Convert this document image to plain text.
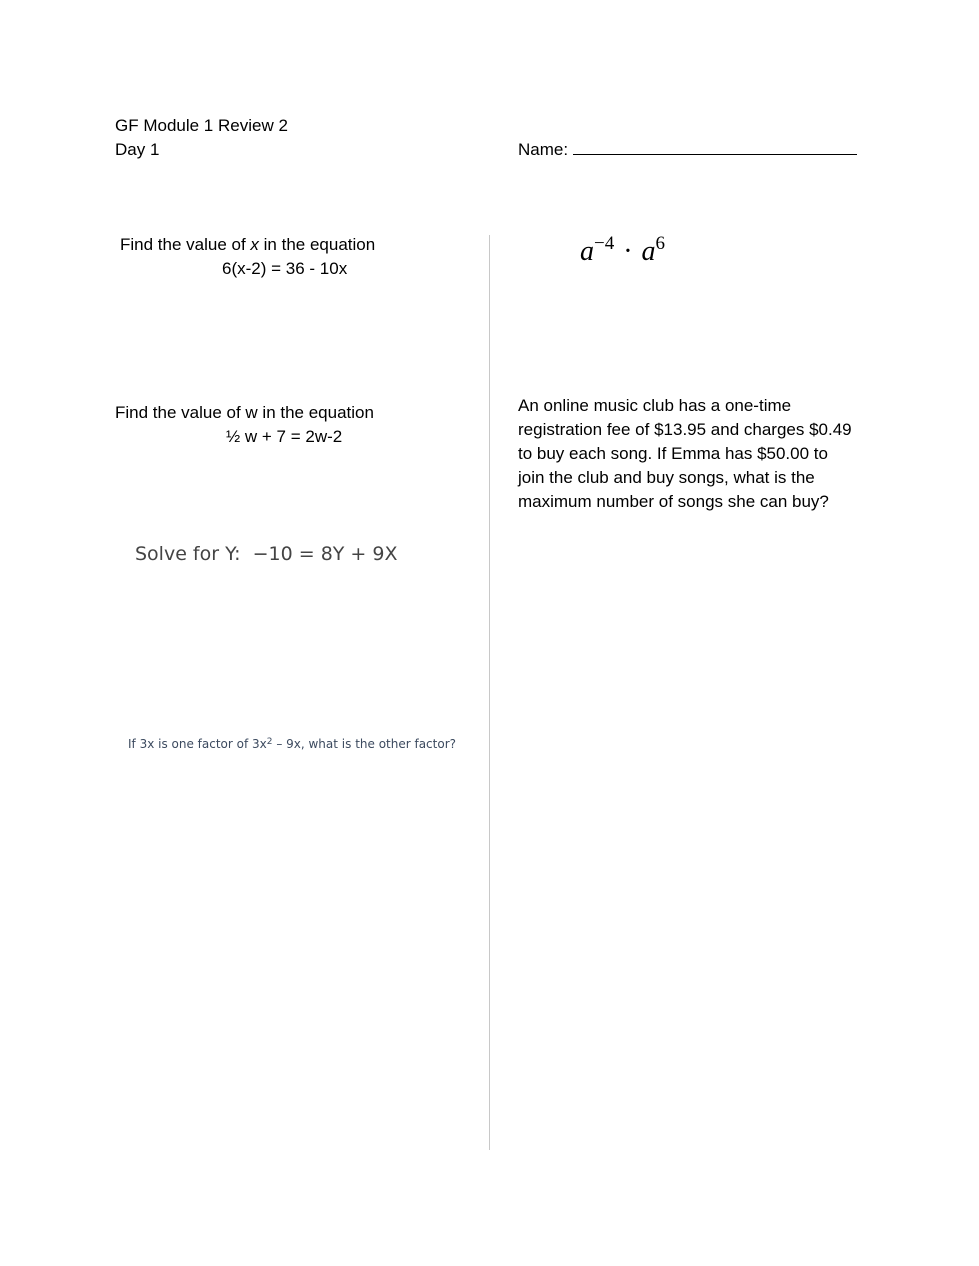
GF Module 1 Review 2
Day 1	Name:
Find the value of x in the equation
6(x-2) = 36 - 10x
Find the value of w in the equation
½ w + 7 = 2w-2
Solve for Y: −10 = 8Y + 9X
If 3x is one factor of $3x^2 - 9x$, what is the other factor?
$a^{-4} \cdot a^6$
An online music club has a one-time
registration fee of $13.95 and charges $0.49
to buy each song. If Emma has $50.00 to
join the club and buy songs, what is the
maximum number of songs she can buy?
